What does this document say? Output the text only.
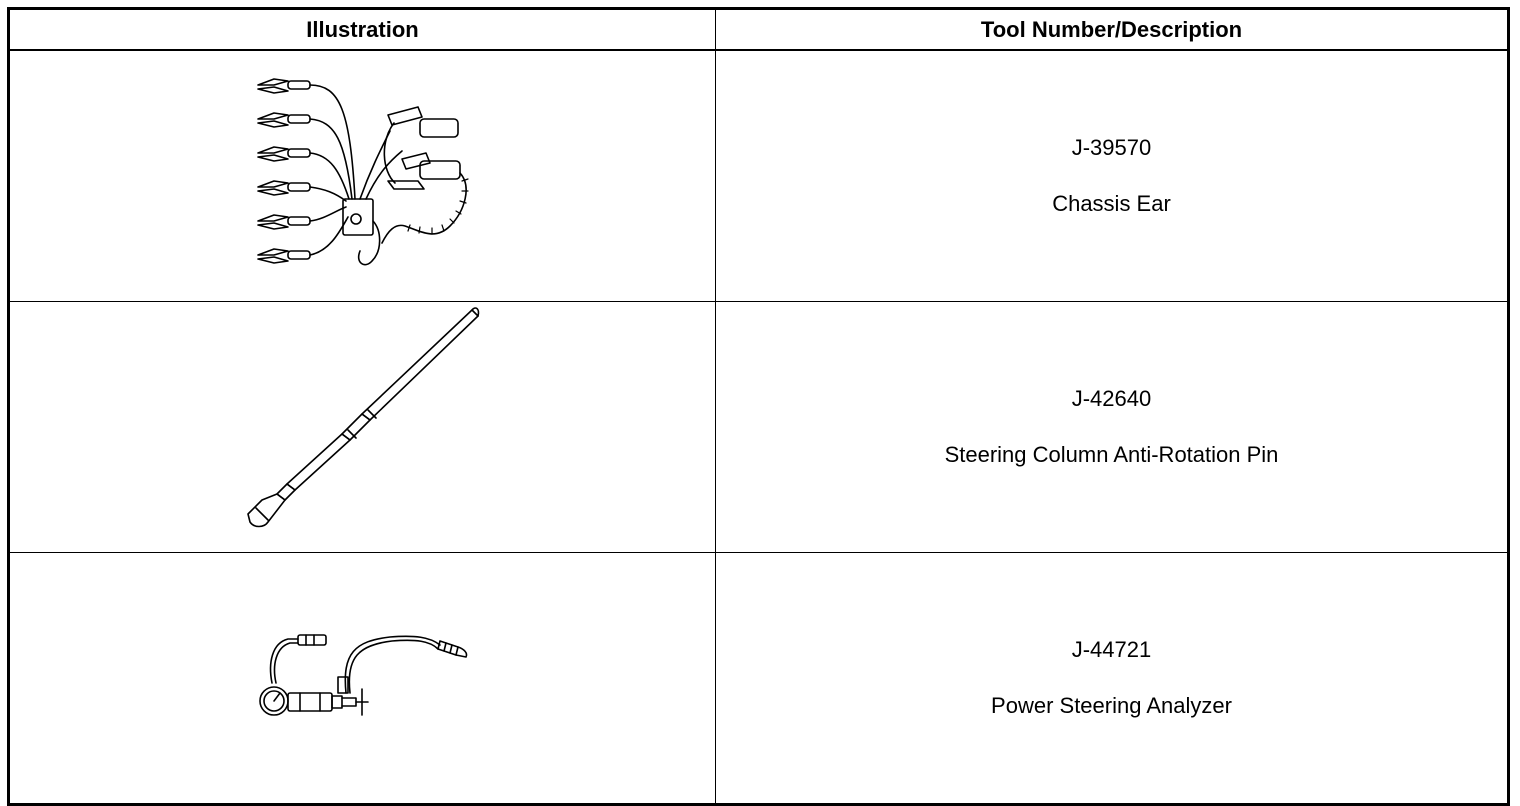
Illustration	Tool Number/Description

J-39570
Chassis Ear

J-42640
Steering Column Anti-Rotation Pin

J-44721
Power Steering Analyzer
